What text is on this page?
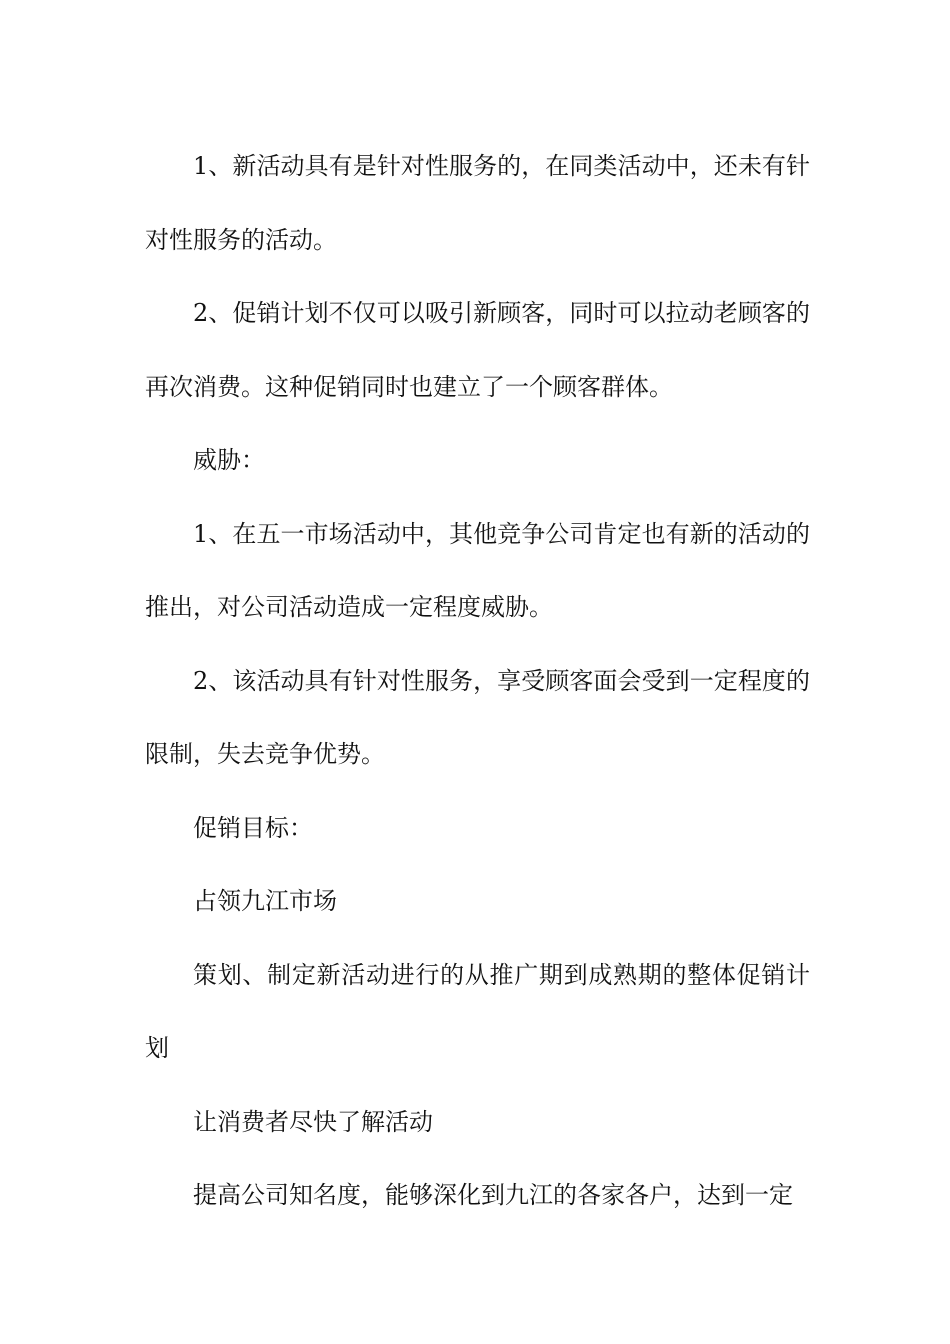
1、新活动具有是针对性服务的，在同类活动中，还未有针对性服务的活动。

2、促销计划不仅可以吸引新顾客，同时可以拉动老顾客的再次消费。这种促销同时也建立了一个顾客群体。

威胁：

1、在五一市场活动中，其他竞争公司肯定也有新的活动的推出，对公司活动造成一定程度威胁。

2、该活动具有针对性服务，享受顾客面会受到一定程度的限制，失去竞争优势。

促销目标：

占领九江市场

策划、制定新活动进行的从推广期到成熟期的整体促销计划

让消费者尽快了解活动

提高公司知名度，能够深化到九江的各家各户，达到一定
